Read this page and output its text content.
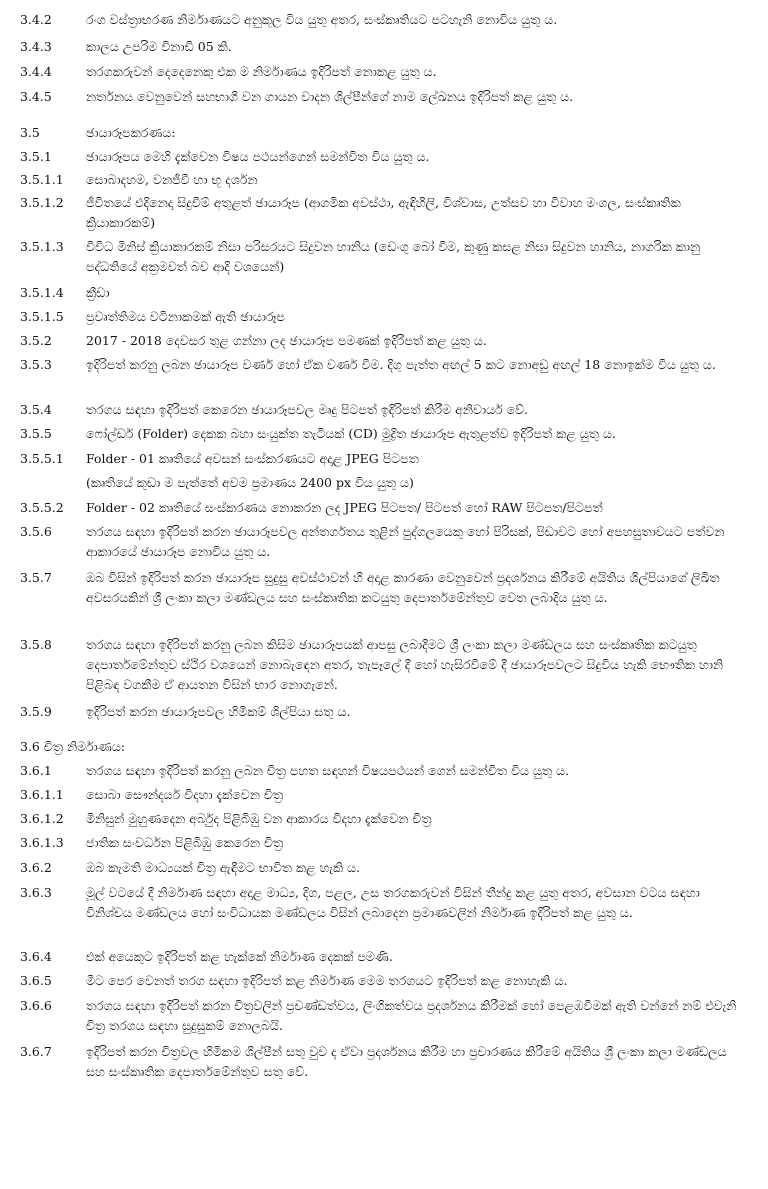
3.4.2	රංග වස්ත්‍රාභරණ නිර්මාණයට අනුකූල විය යුතු අතර, සංස්කෘතියට පටහැනි නොවිය යුතු ය.
3.4.3	කාලය උපරිම විනාඩි 05 කි.
3.4.4	තරගකරුවන් දෙදෙනෙකු එක ම නිර්මාණය ඉදිරිපත් නොකළ යුතු ය.
3.4.5	නර්තනය වෙනුවෙන් සහභාගි වන ගායන වාදන ශිල්පීන්ගේ නාම ලේඛනය ඉදිරිපත් කළ යුතු ය.
3.5	ඡායාරූපකරණය:
3.5.1	ඡායාරූපය මෙහි දැක්වෙන විෂය පථයන්ගෙන් සමන්විත විය යුතු ය.
3.5.1.1	සොබාදහම, වනජීවී හා භූ දර්ශන
3.5.1.2	ජීවිතයේ එදිනෙදා සිදුවීම් අතුළත් ඡායාරූප (ආගමික අවස්ථා, ඇඳිහිලි, විශ්වාස, උත්සව හා විවාහ මංගල, සංස්කෘතික ක්‍රියාකාරකම්)
3.5.1.3	විවිධ මිනිස් ක්‍රියාකාරකම් නිසා පරිසරයට සිදුවන හානිය (ඩෙංගු බෝ වීම, කුණු කසළ නිසා සිදුවන හානිය, නාගරික කානු පද්ධතියේ අක්‍රමවත් බව ආදි වශයෙන්)
3.5.1.4	ක්‍රීඩා
3.5.1.5	ප්‍රවෘත්තිමය වටිනාකමක් ඇති ඡායාරූප
3.5.2	2017 - 2018 දෙවසර තුළ ගන්නා ලද ඡායාරූප පමණක් ඉදිරිපත් කළ යුතු ය.
3.5.3	ඉදිරිපත් කරනු ලබන ඡායාරූප වර්ණ හෝ ඒක වර්ණ වීම. දිගු පැත්ත අඟල් 5 කට නොඅඩු අඟල් 18 නොඉක්ම විය යුතු ය.
3.5.4	තරගය සඳහා ඉදිරිපත් කෙරෙන ඡායාරූපවල මෘදු පිටපත් ඉදිරිපත් කිරීම අනිවාර්ය වේ.
3.5.5	ෆෝල්ඩර් (Folder) දෙකක බහා සංයුක්ත තැටියක් (CD) මුද්‍රිත ඡායාරූප ඇතුළත්ව ඉදිරිපත් කළ යුතු ය.
3.5.5.1	Folder - 01 කෘතියේ අවසන් සංස්කරණයට අදාළ JPEG පිටපත
(කෘතියේ කුඩා ම පැත්තේ අවම ප්‍රමාණය 2400 px විය යුතු ය)
3.5.5.2	Folder - 02 කෘතියේ සංස්කරණය නොකරන ලද JPEG පිටපත/ පිටපත් හෝ RAW පිටපත/පිටපත්
3.5.6	තරගය සඳහා ඉදිරිපත් කරන ඡායාරූපවල අන්තර්ගතය තුළින් පුද්ගලයෙකු හෝ පිරිසක්, පිඩාවට හෝ අපහසුතාවයට පත්වන ආකාරයේ ඡායාරූප නොවිය යුතු ය.
3.5.7	ඔබ විසින් ඉදිරිපත් කරන ඡායාරූප සුදුසු අවස්ථාවන් හි අදාළ කාරණා වෙනුවෙන් ප්‍රදර්ශනය කිරීමේ අයිතිය ශිල්පියාගේ ලිඛිත අවසරයකින් ශ්‍රී ලංකා කලා මණ්ඩලය සහ සංස්කෘතික කටයුතු දෙපාර්තමේන්තුව වෙත ලබාදිය යුතු ය.
3.5.8	තරගය සඳහා ඉදිරිපත් කරනු ලබන කිසිම ඡායාරූපයක් ආපසු ලබාදීමට ශ්‍රී ලංකා කලා මණ්ඩලය සහ සංස්කෘතික කටයුතු දෙපාර්තමේන්තුව ස්ථිර වශයෙන් නොබැඳෙන අතර, තැපෑලේ දී හෝ හැසිරවීමේ දී ඡායාරූපවලට සිදුවිය හැකි භෞතික හානි පිළිබඳ වගකීම ඒ ආයතන විසින් භාර නොගැනේ.
3.5.9	ඉදිරිපත් කරන ඡායාරූපවල හිමිකම් ශිල්පියා සතු ය.
3.6 චිත්‍ර නිර්මාණය:
3.6.1	තරගය සඳහා ඉදිරිපත් කරනු ලබන චිත්‍ර පහත සඳහන් විෂයපථයන් ගෙන් සමන්විත විය යුතු ය.
3.6.1.1	සොබා සෞන්දර්ය විදහා දැක්වෙන චිත්‍ර
3.6.1.2	මිනිසුන් මුහුණදෙන අර්බුද පිළිබිඹු වන ආකාරය විදහා දැක්වෙන චිත්‍ර
3.6.1.3	ජාතික සංවර්ධන පිළිබිඹු කෙරෙන චිත්‍ර
3.6.2	ඔබ කැමති මාධ්‍යයක් චිත්‍ර ඇඳීමට භාවිත කළ හැකි ය.
3.6.3	මූල් වටයේ දී නිර්මාණ සඳහා අදාළ මාධ්‍ය, දිග, පළල, උස තරගකරුවන් විසින් තීන්දු කළ යුතු අතර, අවසාන වටය සඳහා විනිශ්චය මණ්ඩලය හෝ සංවිධායක මණ්ඩලය විසින් ලබාදෙන ප්‍රමාණවලින් නිර්මාණ ඉදිරිපත් කළ යුතු ය.
3.6.4	එක් අයෙකුට ඉදිරිපත් කළ හැක්කේ නිර්මාණ දෙකක් පමණි.
3.6.5	මීට පෙර වෙනත් තරග සඳහා ඉදිරිපත් කළ නිර්මාණ මෙම තරගයට ඉදිරිපත් කළ නොහැකි ය.
3.6.6	තරගය සඳහා ඉදිරිපත් කරන චිත්‍රවලින් ප්‍රචණ්ඩත්වය, ලිංගිකත්වය ප්‍රදර්ශනය කිරීමක් හෝ පෙළඹවීමක් ඇති වන්නේ නම් එවැනි චිත්‍ර තරගය සඳහා සුදුසුකම් නොලබයි.
3.6.7	ඉදිරිපත් කරන චිත්‍රවල හිමිකම ශිල්පීන් සතු වුව ද ඒවා ප්‍රදර්ශනය කිරීම හා ප්‍රචාරණය කිරීමේ අයිතිය ශ්‍රී ලංකා කලා මණ්ඩලය සහ සංස්කෘතික දෙපාර්තමේන්තුව සතු වේ.
